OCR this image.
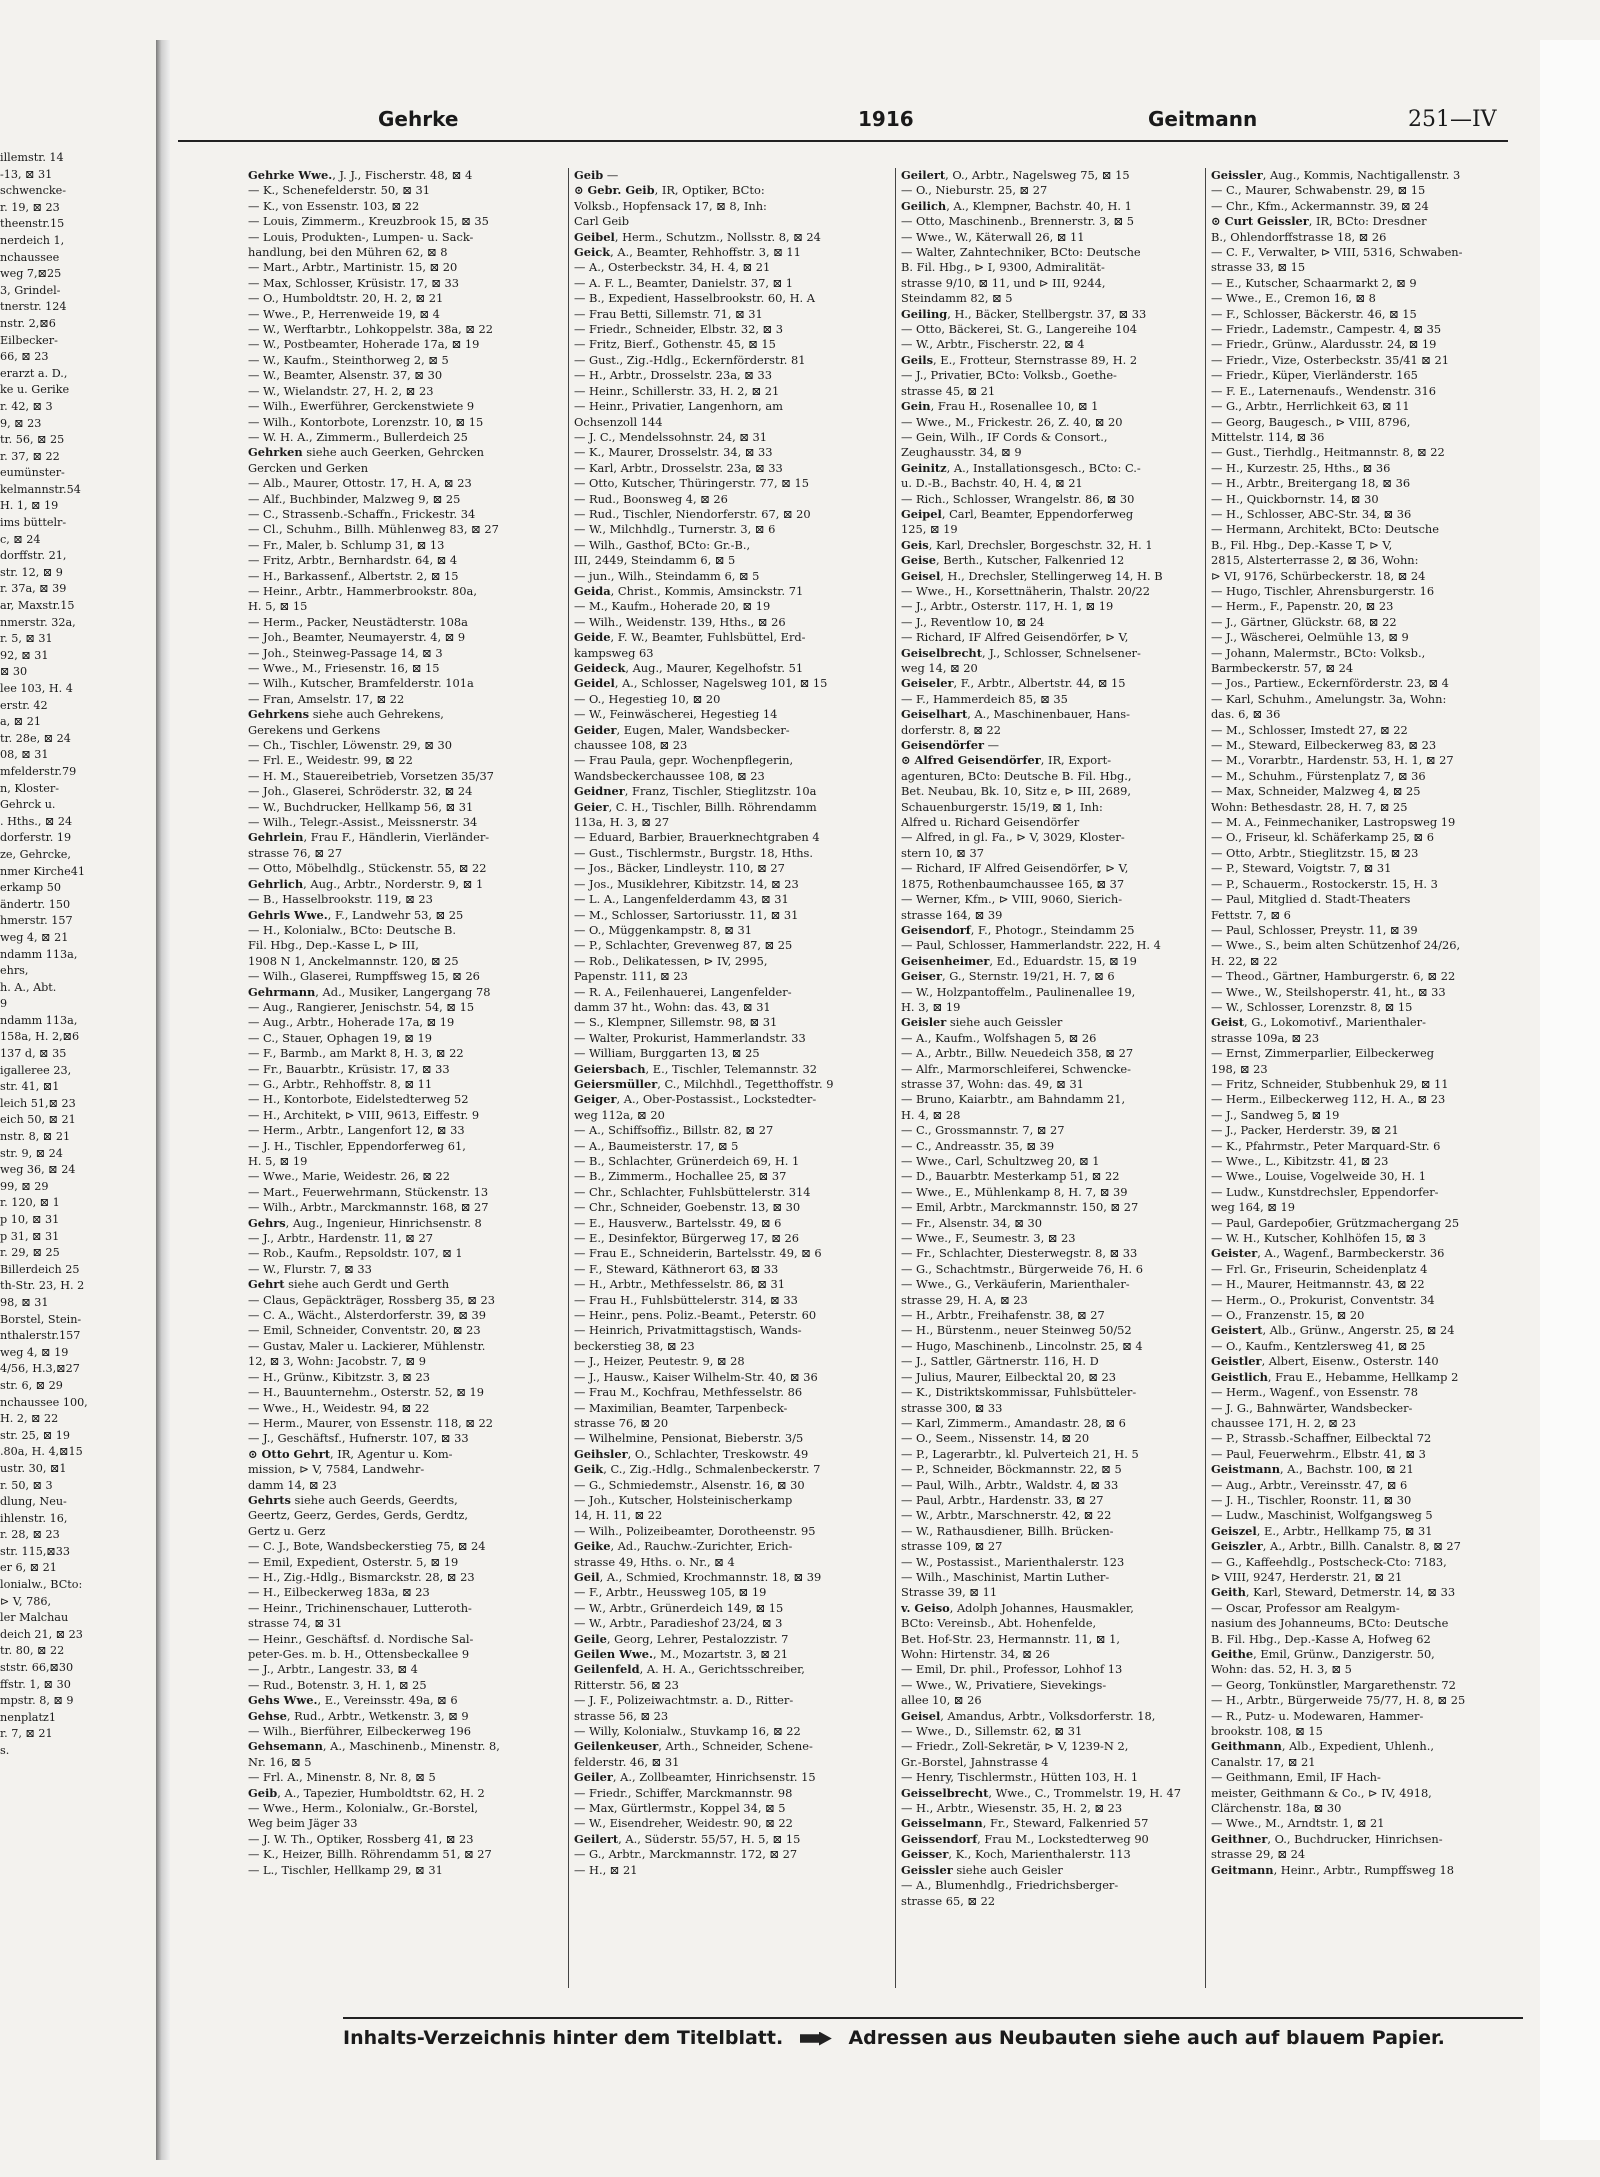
illemstr. 14
-13, ⊠ 31
schwencke-
r. 19, ⊠ 23
theenstr.15
nerdeich 1,
nchaussee
weg 7,⊠25
3, Grindel-
tnerstr. 124
nstr. 2,⊠6
Eilbecker-
66, ⊠ 23
erarzt a. D.,
ke u. Gerike
r. 42, ⊠ 3
9, ⊠ 23
tr. 56, ⊠ 25
r. 37, ⊠ 22
eumünster-
kelmannstr.54
H. 1, ⊠ 19
ims büttelr-
c, ⊠ 24
dorffstr. 21,
str. 12, ⊠ 9
r. 37a, ⊠ 39
ar, Maxstr.15
nmerstr. 32a,
r. 5, ⊠ 31
92, ⊠ 31
⊠ 30
lee 103, H. 4
erstr. 42
a, ⊠ 21
tr. 28e, ⊠ 24
08, ⊠ 31
mfelderstr.79
n, Kloster-
Gehrck u.
. Hths., ⊠ 24
dorferstr. 19
ze, Gehrcke,
nmer Kirche41
erkamp 50
ändertr. 150
hmerstr. 157
weg 4, ⊠ 21
ndamm 113a,
ehrs,
h. A., Abt.
9
ndamm 113a,
158a, H. 2,⊠6
137 d, ⊠ 35
igalleree 23,
str. 41, ⊠1
leich 51,⊠ 23
eich 50, ⊠ 21
nstr. 8, ⊠ 21
str. 9, ⊠ 24
weg 36, ⊠ 24
99, ⊠ 29
r. 120, ⊠ 1
p 10, ⊠ 31
p 31, ⊠ 31
r. 29, ⊠ 25
Billerdeich 25
th-Str. 23, H. 2
98, ⊠ 31
Borstel, Stein-
nthalerstr.157
weg 4, ⊠ 19
4/56, H.3,⊠27
str. 6, ⊠ 29
nchaussee 100,
H. 2, ⊠ 22
str. 25, ⊠ 19
.80a, H. 4,⊠15
ustr. 30, ⊠1
r. 50, ⊠ 3
dlung, Neu-
ihlenstr. 16,
r. 28, ⊠ 23
str. 115,⊠33
er 6, ⊠ 21
lonialw., BCto:
⊳ V, 786,
ler Malchau
deich 21, ⊠ 23
tr. 80, ⊠ 22
ststr. 66,⊠30
ffstr. 1, ⊠ 30
mpstr. 8, ⊠ 9
nenplatz1
r. 7, ⊠ 21
s.
Gehrke	1916	Geitmann	251—IV
Gehrke Wwe., J. J., Fischerstr. 48, ⊠ 4
— K., Schenefelderstr. 50, ⊠ 31
— K., von Essenstr. 103, ⊠ 22
— Louis, Zimmerm., Kreuzbrook 15, ⊠ 35
— Louis, Produkten-, Lumpen- u. Sack-
handlung, bei den Mühren 62, ⊠ 8
— Mart., Arbtr., Martinistr. 15, ⊠ 20
— Max, Schlosser, Krüsistr. 17, ⊠ 33
— O., Humboldtstr. 20, H. 2, ⊠ 21
— Wwe., P., Herrenweide 19, ⊠ 4
— W., Werftarbtr., Lohkoppelstr. 38a, ⊠ 22
— W., Postbeamter, Hoherade 17a, ⊠ 19
— W., Kaufm., Steinthorweg 2, ⊠ 5
— W., Beamter, Alsenstr. 37, ⊠ 30
— W., Wielandstr. 27, H. 2, ⊠ 23
— Wilh., Ewerführer, Gerckenstwiete 9
— Wilh., Kontorbote, Lorenzstr. 10, ⊠ 15
— W. H. A., Zimmerm., Bullerdeich 25
Gehrken siehe auch Geerken, Gehrcken
Gercken und Gerken
— Alb., Maurer, Ottostr. 17, H. A, ⊠ 23
— Alf., Buchbinder, Malzweg 9, ⊠ 25
— C., Strassenb.-Schaffn., Frickestr. 34
— Cl., Schuhm., Billh. Mühlenweg 83, ⊠ 27
— Fr., Maler, b. Schlump 31, ⊠ 13
— Fritz, Arbtr., Bernhardstr. 64, ⊠ 4
— H., Barkassenf., Albertstr. 2, ⊠ 15
— Heinr., Arbtr., Hammerbrookstr. 80a,
H. 5, ⊠ 15
— Herm., Packer, Neustädterstr. 108a
— Joh., Beamter, Neumayerstr. 4, ⊠ 9
— Joh., Steinweg-Passage 14, ⊠ 3
— Wwe., M., Friesenstr. 16, ⊠ 15
— Wilh., Kutscher, Bramfelderstr. 101a
— Fran, Amselstr. 17, ⊠ 22
Gehrkens siehe auch Gehrekens,
Gerekens und Gerkens
— Ch., Tischler, Löwenstr. 29, ⊠ 30
— Frl. E., Weidestr. 99, ⊠ 22
— H. M., Stauereibetrieb, Vorsetzen 35/37
— Joh., Glaserei, Schröderstr. 32, ⊠ 24
— W., Buchdrucker, Hellkamp 56, ⊠ 31
— Wilh., Telegr.-Assist., Meissnerstr. 34
Gehrlein, Frau F., Händlerin, Vierländer-
strasse 76, ⊠ 27
— Otto, Möbelhdlg., Stückenstr. 55, ⊠ 22
Gehrlich, Aug., Arbtr., Norderstr. 9, ⊠ 1
— B., Hasselbrookstr. 119, ⊠ 23
Gehrls Wwe., F., Landwehr 53, ⊠ 25
— H., Kolonialw., BCto: Deutsche B.
Fil. Hbg., Dep.-Kasse L, ⊳ III,
1908 N 1, Anckelmannstr. 120, ⊠ 25
— Wilh., Glaserei, Rumpffsweg 15, ⊠ 26
Gehrmann, Ad., Musiker, Langergang 78
— Aug., Rangierer, Jenischstr. 54, ⊠ 15
— Aug., Arbtr., Hoherade 17a, ⊠ 19
— C., Stauer, Ophagen 19, ⊠ 19
— F., Barmb., am Markt 8, H. 3, ⊠ 22
— Fr., Bauarbtr., Krüsistr. 17, ⊠ 33
— G., Arbtr., Rehhoffstr. 8, ⊠ 11
— H., Kontorbote, Eidelstedterweg 52
— H., Architekt, ⊳ VIII, 9613, Eiffestr. 9
— Herm., Arbtr., Langenfort 12, ⊠ 33
— J. H., Tischler, Eppendorferweg 61,
H. 5, ⊠ 19
— Wwe., Marie, Weidestr. 26, ⊠ 22
— Mart., Feuerwehrmann, Stückenstr. 13
— Wilh., Arbtr., Marckmannstr. 168, ⊠ 27
Gehrs, Aug., Ingenieur, Hinrichsenstr. 8
— J., Arbtr., Hardenstr. 11, ⊠ 27
— Rob., Kaufm., Repsoldstr. 107, ⊠ 1
— W., Flurstr. 7, ⊠ 33
Gehrt siehe auch Gerdt und Gerth
— Claus, Gepäckträger, Rossberg 35, ⊠ 23
— C. A., Wächt., Alsterdorferstr. 39, ⊠ 39
— Emil, Schneider, Conventstr. 20, ⊠ 23
— Gustav, Maler u. Lackierer, Mühlenstr.
12, ⊠ 3, Wohn: Jacobstr. 7, ⊠ 9
— H., Grünw., Kibitzstr. 3, ⊠ 23
— H., Bauunternehm., Osterstr. 52, ⊠ 19
— Wwe., H., Weidestr. 94, ⊠ 22
— Herm., Maurer, von Essenstr. 118, ⊠ 22
— J., Geschäftsf., Hufnerstr. 107, ⊠ 33
⊙ Otto Gehrt, IR, Agentur u. Kom-
mission, ⊳ V, 7584, Landwehr-
damm 14, ⊠ 23
Gehrts siehe auch Geerds, Geerdts,
Geertz, Geerz, Gerdes, Gerds, Gerdtz,
Gertz u. Gerz
— C. J., Bote, Wandsbeckerstieg 75, ⊠ 24
— Emil, Expedient, Osterstr. 5, ⊠ 19
— H., Zig.-Hdlg., Bismarckstr. 28, ⊠ 23
— H., Eilbeckerweg 183a, ⊠ 23
— Heinr., Trichinenschauer, Lutteroth-
strasse 74, ⊠ 31
— Heinr., Geschäftsf. d. Nordische Sal-
peter-Ges. m. b. H., Ottensbeckallee 9
— J., Arbtr., Langestr. 33, ⊠ 4
— Rud., Botenstr. 3, H. 1, ⊠ 25
Gehs Wwe., E., Vereinsstr. 49a, ⊠ 6
Gehse, Rud., Arbtr., Wetkenstr. 3, ⊠ 9
— Wilh., Bierführer, Eilbeckerweg 196
Gehsemann, A., Maschinenb., Minenstr. 8,
Nr. 16, ⊠ 5
— Frl. A., Minenstr. 8, Nr. 8, ⊠ 5
Geib, A., Tapezier, Humboldtstr. 62, H. 2
— Wwe., Herm., Kolonialw., Gr.-Borstel,
Weg beim Jäger 33
— J. W. Th., Optiker, Rossberg 41, ⊠ 23
— K., Heizer, Billh. Röhrendamm 51, ⊠ 27
— L., Tischler, Hellkamp 29, ⊠ 31
Geib —
⊙ Gebr. Geib, IR, Optiker, BCto:
Volksb., Hopfensack 17, ⊠ 8, Inh:
Carl Geib
Geibel, Herm., Schutzm., Nollsstr. 8, ⊠ 24
Geick, A., Beamter, Rehhoffstr. 3, ⊠ 11
— A., Osterbeckstr. 34, H. 4, ⊠ 21
— A. F. L., Beamter, Danielstr. 37, ⊠ 1
— B., Expedient, Hasselbrookstr. 60, H. A
— Frau Betti, Sillemstr. 71, ⊠ 31
— Friedr., Schneider, Elbstr. 32, ⊠ 3
— Fritz, Bierf., Gothenstr. 45, ⊠ 15
— Gust., Zig.-Hdlg., Eckernförderstr. 81
— H., Arbtr., Drosselstr. 23a, ⊠ 33
— Heinr., Schillerstr. 33, H. 2, ⊠ 21
— Heinr., Privatier, Langenhorn, am
Ochsenzoll 144
— J. C., Mendelssohnstr. 24, ⊠ 31
— K., Maurer, Drosselstr. 34, ⊠ 33
— Karl, Arbtr., Drosselstr. 23a, ⊠ 33
— Otto, Kutscher, Thüringerstr. 77, ⊠ 15
— Rud., Boonsweg 4, ⊠ 26
— Rud., Tischler, Niendorferstr. 67, ⊠ 20
— W., Milchhdlg., Turnerstr. 3, ⊠ 6
— Wilh., Gasthof, BCto: Gr.-B.,
III, 2449, Steindamm 6, ⊠ 5
— jun., Wilh., Steindamm 6, ⊠ 5
Geida, Christ., Kommis, Amsinckstr. 71
— M., Kaufm., Hoherade 20, ⊠ 19
— Wilh., Weidenstr. 139, Hths., ⊠ 26
Geide, F. W., Beamter, Fuhlsbüttel, Erd-
kampsweg 63
Geideck, Aug., Maurer, Kegelhofstr. 51
Geidel, A., Schlosser, Nagelsweg 101, ⊠ 15
— O., Hegestieg 10, ⊠ 20
— W., Feinwäscherei, Hegestieg 14
Geider, Eugen, Maler, Wandsbecker-
chaussee 108, ⊠ 23
— Frau Paula, gepr. Wochenpflegerin,
Wandsbeckerchaussee 108, ⊠ 23
Geidner, Franz, Tischler, Stieglitzstr. 10a
Geier, C. H., Tischler, Billh. Röhrendamm
113a, H. 3, ⊠ 27
— Eduard, Barbier, Brauerknechtgraben 4
— Gust., Tischlermstr., Burgstr. 18, Hths.
— Jos., Bäcker, Lindleystr. 110, ⊠ 27
— Jos., Musiklehrer, Kibitzstr. 14, ⊠ 23
— L. A., Langenfelderdamm 43, ⊠ 31
— M., Schlosser, Sartoriusstr. 11, ⊠ 31
— O., Müggenkampstr. 8, ⊠ 31
— P., Schlachter, Grevenweg 87, ⊠ 25
— Rob., Delikatessen, ⊳ IV, 2995,
Papenstr. 111, ⊠ 23
— R. A., Feilenhauerei, Langenfelder-
damm 37 ht., Wohn: das. 43, ⊠ 31
— S., Klempner, Sillemstr. 98, ⊠ 31
— Walter, Prokurist, Hammerlandstr. 33
— William, Burggarten 13, ⊠ 25
Geiersbach, E., Tischler, Telemannstr. 32
Geiersmüller, C., Milchhdl., Tegetthoffstr. 9
Geiger, A., Ober-Postassist., Lockstedter-
weg 112a, ⊠ 20
— A., Schiffsoffiz., Billstr. 82, ⊠ 27
— A., Baumeisterstr. 17, ⊠ 5
— B., Schlachter, Grünerdeich 69, H. 1
— B., Zimmerm., Hochallee 25, ⊠ 37
— Chr., Schlachter, Fuhlsbüttelerstr. 314
— Chr., Schneider, Goebenstr. 13, ⊠ 30
— E., Hausverw., Bartelsstr. 49, ⊠ 6
— E., Desinfektor, Bürgerweg 17, ⊠ 26
— Frau E., Schneiderin, Bartelsstr. 49, ⊠ 6
— F., Steward, Käthnerort 63, ⊠ 33
— H., Arbtr., Methfesselstr. 86, ⊠ 31
— Frau H., Fuhlsbüttelerstr. 314, ⊠ 33
— Heinr., pens. Poliz.-Beamt., Peterstr. 60
— Heinrich, Privatmittagstisch, Wands-
beckerstieg 38, ⊠ 23
— J., Heizer, Peutestr. 9, ⊠ 28
— J., Hausw., Kaiser Wilhelm-Str. 40, ⊠ 36
— Frau M., Kochfrau, Methfesselstr. 86
— Maximilian, Beamter, Tarpenbeck-
strasse 76, ⊠ 20
— Wilhelmine, Pensionat, Bieberstr. 3/5
Geihsler, O., Schlachter, Treskowstr. 49
Geik, C., Zig.-Hdlg., Schmalenbeckerstr. 7
— G., Schmiedemstr., Alsenstr. 16, ⊠ 30
— Joh., Kutscher, Holsteinischerkamp
14, H. 11, ⊠ 22
— Wilh., Polizeibeamter, Dorotheenstr. 95
Geike, Ad., Rauchw.-Zurichter, Erich-
strasse 49, Hths. o. Nr., ⊠ 4
Geil, A., Schmied, Krochmannstr. 18, ⊠ 39
— F., Arbtr., Heussweg 105, ⊠ 19
— W., Arbtr., Grünerdeich 149, ⊠ 15
— W., Arbtr., Paradieshof 23/24, ⊠ 3
Geile, Georg, Lehrer, Pestalozzistr. 7
Geilen Wwe., M., Mozartstr. 3, ⊠ 21
Geilenfeld, A. H. A., Gerichtsschreiber,
Ritterstr. 56, ⊠ 23
— J. F., Polizeiwachtmstr. a. D., Ritter-
strasse 56, ⊠ 23
— Willy, Kolonialw., Stuvkamp 16, ⊠ 22
Geilenkeuser, Arth., Schneider, Schene-
felderstr. 46, ⊠ 31
Geiler, A., Zollbeamter, Hinrichsenstr. 15
— Friedr., Schiffer, Marckmannstr. 98
— Max, Gürtlermstr., Koppel 34, ⊠ 5
— W., Eisendreher, Weidestr. 90, ⊠ 22
Geilert, A., Süderstr. 55/57, H. 5, ⊠ 15
— G., Arbtr., Marckmannstr. 172, ⊠ 27
— H., ⊠ 21
Geilert, O., Arbtr., Nagelsweg 75, ⊠ 15
— O., Nieburstr. 25, ⊠ 27
Geilich, A., Klempner, Bachstr. 40, H. 1
— Otto, Maschinenb., Brennerstr. 3, ⊠ 5
— Wwe., W., Käterwall 26, ⊠ 11
— Walter, Zahntechniker, BCto: Deutsche
B. Fil. Hbg., ⊳ I, 9300, Admiralität-
strasse 9/10, ⊠ 11, und ⊳ III, 9244,
Steindamm 82, ⊠ 5
Geiling, H., Bäcker, Stellbergstr. 37, ⊠ 33
— Otto, Bäckerei, St. G., Langereihe 104
— W., Arbtr., Fischerstr. 22, ⊠ 4
Geils, E., Frotteur, Sternstrasse 89, H. 2
— J., Privatier, BCto: Volksb., Goethe-
strasse 45, ⊠ 21
Gein, Frau H., Rosenallee 10, ⊠ 1
— Wwe., M., Frickestr. 26, Z. 40, ⊠ 20
— Gein, Wilh., IF Cords & Consort.,
Zeughausstr. 34, ⊠ 9
Geinitz, A., Installationsgesch., BCto: C.-
u. D.-B., Bachstr. 40, H. 4, ⊠ 21
— Rich., Schlosser, Wrangelstr. 86, ⊠ 30
Geipel, Carl, Beamter, Eppendorferweg
125, ⊠ 19
Geis, Karl, Drechsler, Borgeschstr. 32, H. 1
Geise, Berth., Kutscher, Falkenried 12
Geisel, H., Drechsler, Stellingerweg 14, H. B
— Wwe., H., Korsettnäherin, Thalstr. 20/22
— J., Arbtr., Osterstr. 117, H. 1, ⊠ 19
— J., Reventlow 10, ⊠ 24
— Richard, IF Alfred Geisendörfer, ⊳ V,
Geiselbrecht, J., Schlosser, Schnelsener-
weg 14, ⊠ 20
Geiseler, F., Arbtr., Albertstr. 44, ⊠ 15
— F., Hammerdeich 85, ⊠ 35
Geiselhart, A., Maschinenbauer, Hans-
dorferstr. 8, ⊠ 22
Geisendörfer —
⊙ Alfred Geisendörfer, IR, Export-
agenturen, BCto: Deutsche B. Fil. Hbg.,
Bet. Neubau, Bk. 10, Sitz e, ⊳ III, 2689,
Schauenburgerstr. 15/19, ⊠ 1, Inh:
Alfred u. Richard Geisendörfer
— Alfred, in gl. Fa., ⊳ V, 3029, Kloster-
stern 10, ⊠ 37
— Richard, IF Alfred Geisendörfer, ⊳ V,
1875, Rothenbaumchaussee 165, ⊠ 37
— Werner, Kfm., ⊳ VIII, 9060, Sierich-
strasse 164, ⊠ 39
Geisendorf, F., Photogr., Steindamm 25
— Paul, Schlosser, Hammerlandstr. 222, H. 4
Geisenheimer, Ed., Eduardstr. 15, ⊠ 19
Geiser, G., Sternstr. 19/21, H. 7, ⊠ 6
— W., Holzpantoffelm., Paulinenallee 19,
H. 3, ⊠ 19
Geisler siehe auch Geissler
— A., Kaufm., Wolfshagen 5, ⊠ 26
— A., Arbtr., Billw. Neuedeich 358, ⊠ 27
— Alfr., Marmorschleiferei, Schwencke-
strasse 37, Wohn: das. 49, ⊠ 31
— Bruno, Kaiarbtr., am Bahndamm 21,
H. 4, ⊠ 28
— C., Grossmannstr. 7, ⊠ 27
— C., Andreasstr. 35, ⊠ 39
— Wwe., Carl, Schultzweg 20, ⊠ 1
— D., Bauarbtr. Mesterkamp 51, ⊠ 22
— Wwe., E., Mühlenkamp 8, H. 7, ⊠ 39
— Emil, Arbtr., Marckmannstr. 150, ⊠ 27
— Fr., Alsenstr. 34, ⊠ 30
— Wwe., F., Seumestr. 3, ⊠ 23
— Fr., Schlachter, Diesterwegstr. 8, ⊠ 33
— G., Schachtmstr., Bürgerweide 76, H. 6
— Wwe., G., Verkäuferin, Marienthaler-
strasse 29, H. A, ⊠ 23
— H., Arbtr., Freihafenstr. 38, ⊠ 27
— H., Bürstenm., neuer Steinweg 50/52
— Hugo, Maschinenb., Lincolnstr. 25, ⊠ 4
— J., Sattler, Gärtnerstr. 116, H. D
— Julius, Maurer, Eilbecktal 20, ⊠ 23
— K., Distriktskommissar, Fuhlsbütteler-
strasse 300, ⊠ 33
— Karl, Zimmerm., Amandastr. 28, ⊠ 6
— O., Seem., Nissenstr. 14, ⊠ 20
— P., Lagerarbtr., kl. Pulverteich 21, H. 5
— P., Schneider, Böckmannstr. 22, ⊠ 5
— Paul, Wilh., Arbtr., Waldstr. 4, ⊠ 33
— Paul, Arbtr., Hardenstr. 33, ⊠ 27
— W., Arbtr., Marschnerstr. 42, ⊠ 22
— W., Rathausdiener, Billh. Brücken-
strasse 109, ⊠ 27
— W., Postassist., Marienthalerstr. 123
— Wilh., Maschinist, Martin Luther-
Strasse 39, ⊠ 11
v. Geiso, Adolph Johannes, Hausmakler,
BCto: Vereinsb., Abt. Hohenfelde,
Bet. Hof-Str. 23, Hermannstr. 11, ⊠ 1,
Wohn: Hirtenstr. 34, ⊠ 26
— Emil, Dr. phil., Professor, Lohhof 13
— Wwe., W., Privatiere, Sievekings-
allee 10, ⊠ 26
Geisel, Amandus, Arbtr., Volksdorferstr. 18,
— Wwe., D., Sillemstr. 62, ⊠ 31
— Friedr., Zoll-Sekretär, ⊳ V, 1239-N 2,
Gr.-Borstel, Jahnstrasse 4
— Henry, Tischlermstr., Hütten 103, H. 1
Geisselbrecht, Wwe., C., Trommelstr. 19, H. 47
— H., Arbtr., Wiesenstr. 35, H. 2, ⊠ 23
Geisselmann, Fr., Steward, Falkenried 57
Geissendorf, Frau M., Lockstedterweg 90
Geisser, K., Koch, Marienthalerstr. 113
Geissler siehe auch Geisler
— A., Blumenhdlg., Friedrichsberger-
strasse 65, ⊠ 22
Geissler, Aug., Kommis, Nachtigallenstr. 3
— C., Maurer, Schwabenstr. 29, ⊠ 15
— Chr., Kfm., Ackermannstr. 39, ⊠ 24
⊙ Curt Geissler, IR, BCto: Dresdner
B., Ohlendorffstrasse 18, ⊠ 26
— C. F., Verwalter, ⊳ VIII, 5316, Schwaben-
strasse 33, ⊠ 15
— E., Kutscher, Schaarmarkt 2, ⊠ 9
— Wwe., E., Cremon 16, ⊠ 8
— F., Schlosser, Bäckerstr. 46, ⊠ 15
— Friedr., Lademstr., Campestr. 4, ⊠ 35
— Friedr., Grünw., Alardusstr. 24, ⊠ 19
— Friedr., Vize, Osterbeckstr. 35/41 ⊠ 21
— Friedr., Küper, Vierländerstr. 165
— F. E., Laternenaufs., Wendenstr. 316
— G., Arbtr., Herrlichkeit 63, ⊠ 11
— Georg, Baugesch., ⊳ VIII, 8796,
Mittelstr. 114, ⊠ 36
— Gust., Tierhdlg., Heitmannstr. 8, ⊠ 22
— H., Kurzestr. 25, Hths., ⊠ 36
— H., Arbtr., Breitergang 18, ⊠ 36
— H., Quickbornstr. 14, ⊠ 30
— H., Schlosser, ABC-Str. 34, ⊠ 36
— Hermann, Architekt, BCto: Deutsche
B., Fil. Hbg., Dep.-Kasse T, ⊳ V,
2815, Alsterterrasse 2, ⊠ 36, Wohn:
⊳ VI, 9176, Schürbeckerstr. 18, ⊠ 24
— Hugo, Tischler, Ahrensburgerstr. 16
— Herm., F., Papenstr. 20, ⊠ 23
— J., Gärtner, Glückstr. 68, ⊠ 22
— J., Wäscherei, Oelmühle 13, ⊠ 9
— Johann, Malermstr., BCto: Volksb.,
Barmbeckerstr. 57, ⊠ 24
— Jos., Partiew., Eckernförderstr. 23, ⊠ 4
— Karl, Schuhm., Amelungstr. 3a, Wohn:
das. 6, ⊠ 36
— M., Schlosser, Imstedt 27, ⊠ 22
— M., Steward, Eilbeckerweg 83, ⊠ 23
— M., Vorarbtr., Hardenstr. 53, H. 1, ⊠ 27
— M., Schuhm., Fürstenplatz 7, ⊠ 36
— Max, Schneider, Malzweg 4, ⊠ 25
Wohn: Bethesdastr. 28, H. 7, ⊠ 25
— M. A., Feinmechaniker, Lastropsweg 19
— O., Friseur, kl. Schäferkamp 25, ⊠ 6
— Otto, Arbtr., Stieglitzstr. 15, ⊠ 23
— P., Steward, Voigtstr. 7, ⊠ 31
— P., Schauerm., Rostockerstr. 15, H. 3
— Paul, Mitglied d. Stadt-Theaters
Fettstr. 7, ⊠ 6
— Paul, Schlosser, Preystr. 11, ⊠ 39
— Wwe., S., beim alten Schützenhof 24/26,
H. 22, ⊠ 22
— Theod., Gärtner, Hamburgerstr. 6, ⊠ 22
— Wwe., W., Steilshoperstr. 41, ht., ⊠ 33
— W., Schlosser, Lorenzstr. 8, ⊠ 15
Geist, G., Lokomotivf., Marienthaler-
strasse 109a, ⊠ 23
— Ernst, Zimmerparlier, Eilbeckerweg
198, ⊠ 23
— Fritz, Schneider, Stubbenhuk 29, ⊠ 11
— Herm., Eilbeckerweg 112, H. A., ⊠ 23
— J., Sandweg 5, ⊠ 19
— J., Packer, Herderstr. 39, ⊠ 21
— K., Pfahrmstr., Peter Marquard-Str. 6
— Wwe., L., Kibitzstr. 41, ⊠ 23
— Wwe., Louise, Vogelweide 30, H. 1
— Ludw., Kunstdrechsler, Eppendorfer-
weg 164, ⊠ 19
— Paul, Gardeробier, Grützmachergang 25
— W. H., Kutscher, Kohlhöfen 15, ⊠ 3
Geister, A., Wagenf., Barmbeckerstr. 36
— Frl. Gr., Friseurin, Scheidenplatz 4
— H., Maurer, Heitmannstr. 43, ⊠ 22
— Herm., O., Prokurist, Conventstr. 34
— O., Franzenstr. 15, ⊠ 20
Geistert, Alb., Grünw., Angerstr. 25, ⊠ 24
— O., Kaufm., Kentzlersweg 41, ⊠ 25
Geistler, Albert, Eisenw., Osterstr. 140
Geistlich, Frau E., Hebamme, Hellkamp 2
— Herm., Wagenf., von Essenstr. 78
— J. G., Bahnwärter, Wandsbecker-
chaussee 171, H. 2, ⊠ 23
— P., Strassb.-Schaffner, Eilbecktal 72
— Paul, Feuerwehrm., Elbstr. 41, ⊠ 3
Geistmann, A., Bachstr. 100, ⊠ 21
— Aug., Arbtr., Vereinsstr. 47, ⊠ 6
— J. H., Tischler, Roonstr. 11, ⊠ 30
— Ludw., Maschinist, Wolfgangsweg 5
Geiszel, E., Arbtr., Hellkamp 75, ⊠ 31
Geiszler, A., Arbtr., Billh. Canalstr. 8, ⊠ 27
— G., Kaffeehdlg., Postscheck-Cto: 7183,
⊳ VIII, 9247, Herderstr. 21, ⊠ 21
Geith, Karl, Steward, Detmerstr. 14, ⊠ 33
— Oscar, Professor am Realgym-
nasium des Johanneums, BCto: Deutsche
B. Fil. Hbg., Dep.-Kasse A, Hofweg 62
Geithe, Emil, Grünw., Danzigerstr. 50,
Wohn: das. 52, H. 3, ⊠ 5
— Georg, Tonkünstler, Margarethenstr. 72
— H., Arbtr., Bürgerweide 75/77, H. 8, ⊠ 25
— R., Putz- u. Modewaren, Hammer-
brookstr. 108, ⊠ 15
Geithmann, Alb., Expedient, Uhlenh.,
Canalstr. 17, ⊠ 21
— Geithmann, Emil, IF Hach-
meister, Geithmann & Co., ⊳ IV, 4918,
Clärchenstr. 18a, ⊠ 30
— Wwe., M., Arndtstr. 1, ⊠ 21
Geithner, O., Buchdrucker, Hinrichsen-
strasse 29, ⊠ 24
Geitmann, Heinr., Arbtr., Rumpffsweg 18
Inhalts-Verzeichnis hinter dem Titelblatt.	Adressen aus Neubauten siehe auch auf blauem Papier.
